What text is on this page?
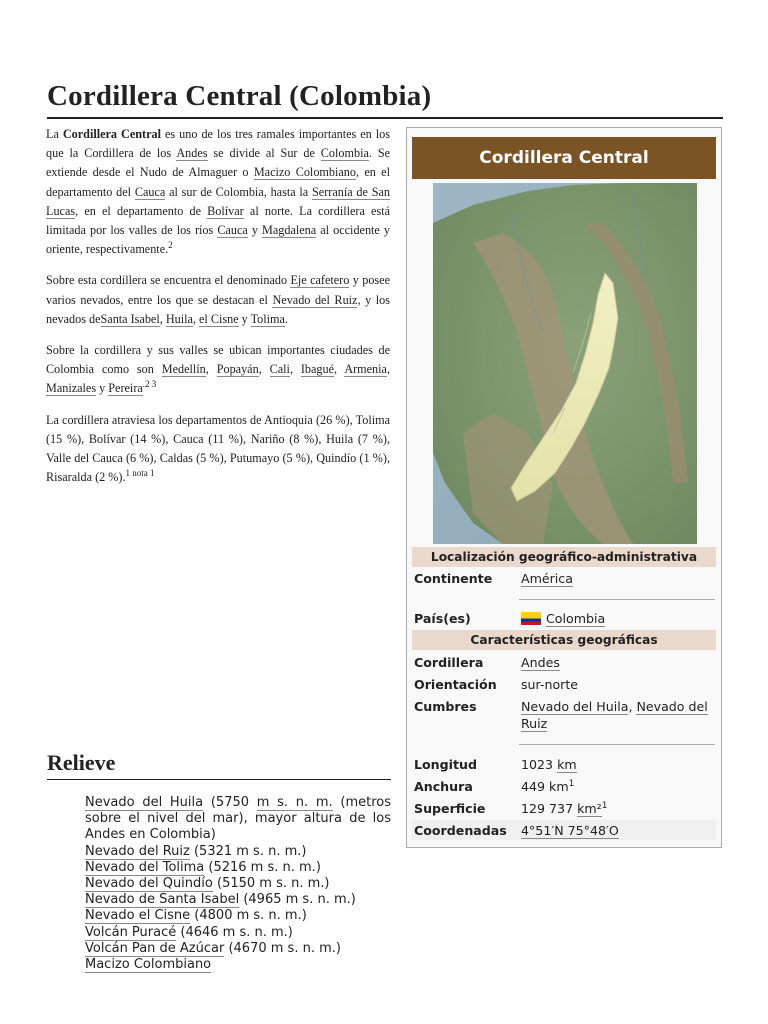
Cordillera Central (Colombia)

La Cordillera Central es uno de los tres ramales importantes en los que la Cordillera de los Andes se divide al Sur de Colombia. Se extiende desde el Nudo de Almaguer o Macizo Colombiano, en el departamento del Cauca al sur de Colombia, hasta la Serranía de San Lucas, en el departamento de Bolívar al norte. La cordillera está limitada por los valles de los ríos Cauca y Magdalena al occidente y oriente, respectivamente.$^2$

Sobre esta cordillera se encuentra el denominado Eje cafetero y posee varios nevados, entre los que se destacan el Nevado del Ruiz, y los nevados deSanta Isabel, Huila, el Cisne y Tolima.

Sobre la cordillera y sus valles se ubican importantes ciudades de Colombia como son Medellín, Popayán, Cali, Ibagué, Armenia, Manizales y Pereira$^{.2 3}$

La cordillera atraviesa los departamentos de Antioquia (26 %), Tolima (15 %), Bolívar (14 %), Cauca (11 %), Nariño (8 %), Huila (7 %), Valle del Cauca (6 %), Caldas (5 %), Putumayo (5 %), Quindío (1 %), Risaralda (2 %).$^{1 nota 1}$

Relieve
Nevado del Huila (5750 m s. n. m. (metros sobre el nivel del mar), mayor altura de los Andes en Colombia)
Nevado del Ruiz (5321 m s. n. m.)
Nevado del Tolima (5216 m s. n. m.)
Nevado del Quindío (5150 m s. n. m.)
Nevado de Santa Isabel (4965 m s. n. m.)
Nevado el Cisne (4800 m s. n. m.)
Volcán Puracé (4646 m s. n. m.)
Volcán Pan de Azúcar (4670 m s. n. m.)
Macizo Colombiano
Cordillera Central
Localización geográfico-administrativa
Continente América
País(es)	Colombia
Características geográficas
Cordillera	Andes
Orientación sur-norte
Cumbres	Nevado del Huila, Nevado del Ruiz
Longitud	1023 km
Anchura	449 $km^1$
Superficie	129 737 km²$^1$
Coordenadas 4°51′N 75°48′O
